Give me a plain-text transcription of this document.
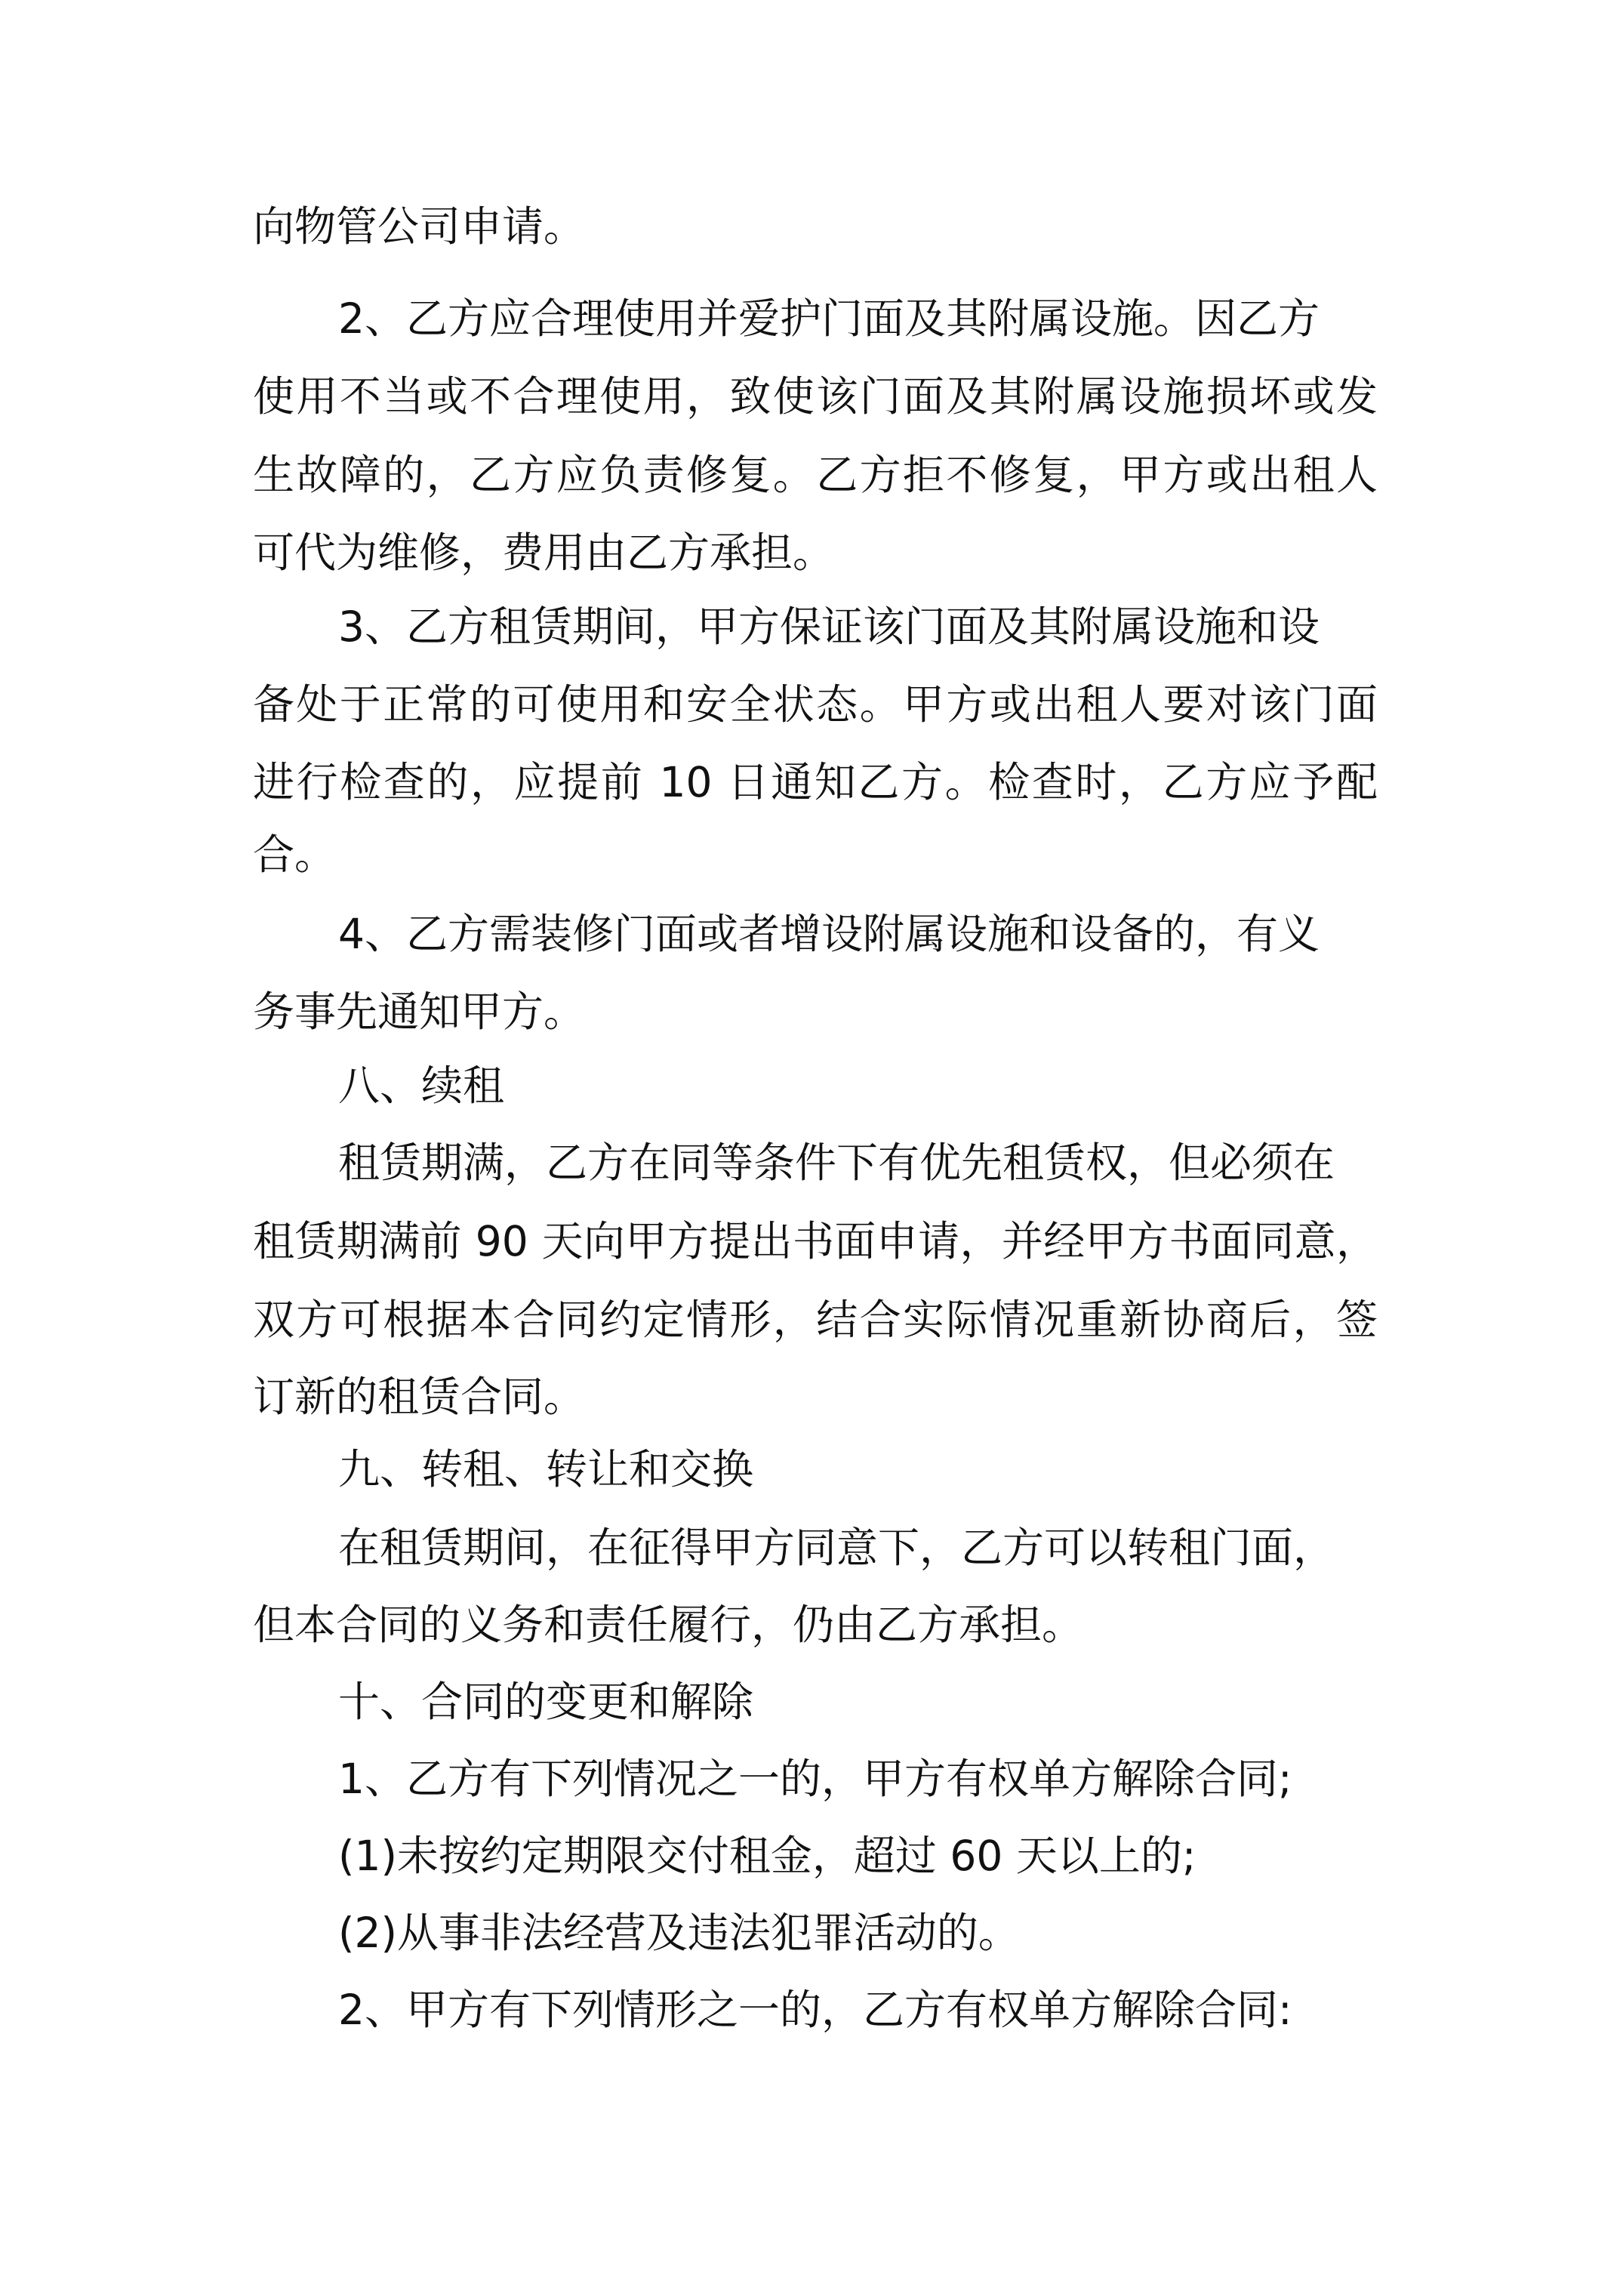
向物管公司申请。

2、乙方应合理使用并爱护门面及其附属设施。因乙方

使用不当或不合理使用，致使该门面及其附属设施损坏或发

生故障的，乙方应负责修复。乙方拒不修复，甲方或出租人

可代为维修，费用由乙方承担。

3、乙方租赁期间，甲方保证该门面及其附属设施和设

备处于正常的可使用和安全状态。甲方或出租人要对该门面

进行检查的，应提前 10 日通知乙方。检查时，乙方应予配

合。

4、乙方需装修门面或者增设附属设施和设备的，有义

务事先通知甲方。

八、续租

租赁期满，乙方在同等条件下有优先租赁权，但必须在

租赁期满前 90 天向甲方提出书面申请，并经甲方书面同意，

双方可根据本合同约定情形，结合实际情况重新协商后，签

订新的租赁合同。

九、转租、转让和交换

在租赁期间，在征得甲方同意下，乙方可以转租门面，

但本合同的义务和责任履行，仍由乙方承担。

十、合同的变更和解除

1、乙方有下列情况之一的，甲方有权单方解除合同;

(1)未按约定期限交付租金，超过 60 天以上的;

(2)从事非法经营及违法犯罪活动的。

2、甲方有下列情形之一的，乙方有权单方解除合同:
